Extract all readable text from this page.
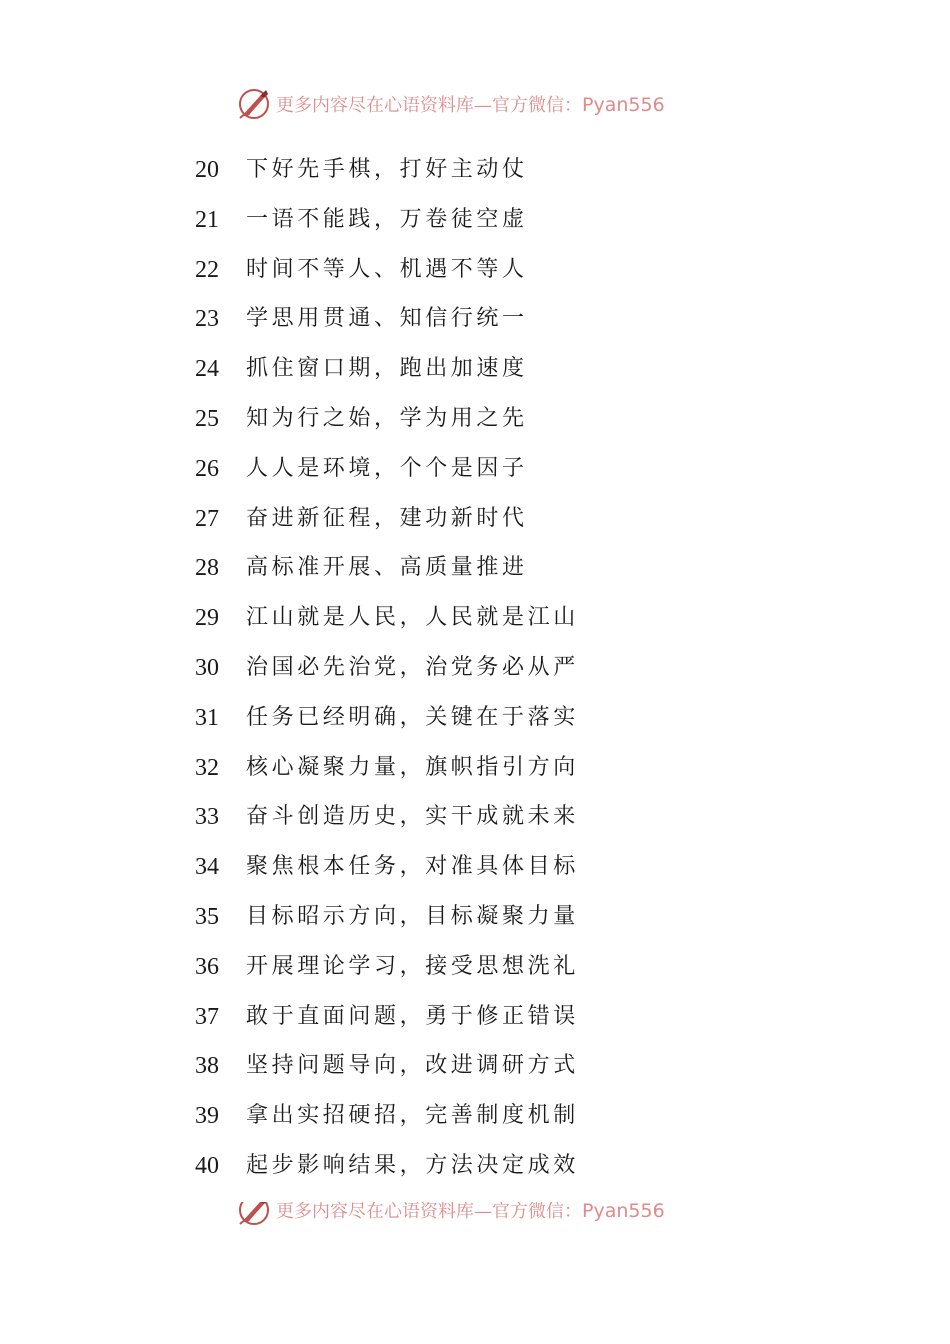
更多内容尽在心语资料库—官方微信：Pyan556
20	下好先手棋，打好主动仗
21	一语不能践，万卷徒空虚
22	时间不等人、机遇不等人
23	学思用贯通、知信行统一
24	抓住窗口期，跑出加速度
25	知为行之始，学为用之先
26	人人是环境，个个是因子
27	奋进新征程，建功新时代
28	高标准开展、高质量推进
29	江山就是人民，人民就是江山
30	治国必先治党，治党务必从严
31	任务已经明确，关键在于落实
32	核心凝聚力量，旗帜指引方向
33	奋斗创造历史，实干成就未来
34	聚焦根本任务，对准具体目标
35	目标昭示方向，目标凝聚力量
36	开展理论学习，接受思想洗礼
37	敢于直面问题，勇于修正错误
38	坚持问题导向，改进调研方式
39	拿出实招硬招，完善制度机制
40	起步影响结果，方法决定成效
更多内容尽在心语资料库—官方微信：Pyan556
